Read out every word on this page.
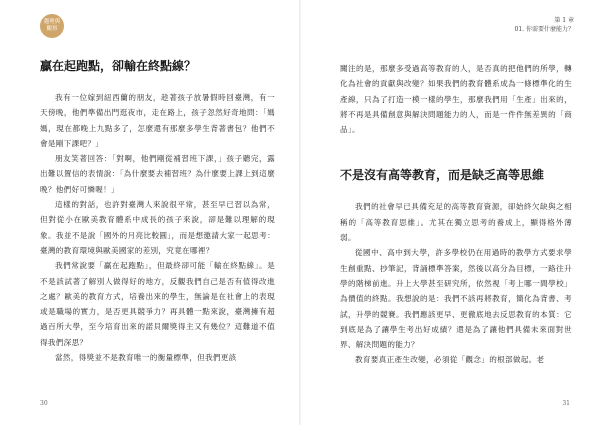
趨勢與
觀察
贏在起跑點，卻輸在終點線？

我有一位嫁到紐西蘭的朋友，趁著孩子放暑假時回臺灣，有一天傍晚，他們準備出門逛夜市，走在路上，孩子忽然好奇地問：「媽媽，現在都晚上九點多了，怎麼還有那麼多學生背著書包？他們不會是剛下課吧？」

朋友笑著回答：「對啊，他們剛從補習班下課，」孩子聽完，露出難以置信的表情說：「為什麼要去補習班？為什麼要上課上到這麼晚？他們好可憐喔！」

這樣的對話，也許對臺灣人來說很平常，甚至早已習以為常，但對從小在歐美教育體系中成長的孩子來說，卻是難以理解的現象。我並不是說「國外的月亮比較圓」，而是想邀請大家一起思考：臺灣的教育環境與歐美國家的差別，究竟在哪裡？

我們常說要「贏在起跑點」，但最終卻可能「輸在終點線」。是不是該試著了解別人做得好的地方，反觀我們自己是否有值得改進之處？歐美的教育方式，培養出來的學生，無論是在社會上的表現或是職場的實力，是否更具競爭力？再具體一點來說，臺灣擁有超過百所大學，至今培育出來的諾貝爾獎得主又有幾位？這難道不值得我們深思？

當然，得獎並不是教育唯一的衡量標準，但我們更該

30
第 1 章
01. 你需要什麼能力？

關注的是，那麼多受過高等教育的人，是否真的把他們的所學，轉化為社會的貢獻與改變？如果我們的教育體系成為一條標準化的生產線，只為了打造一模一樣的學生，那麼我們用「生產」出來的，將不再是具備創意與解決問題能力的人，而是一件件無差異的「商品」。

不是沒有高等教育，而是缺乏高等思維

我們的社會早已具備充足的高等教育資源，卻始終欠缺與之相稱的「高等教育思維」。尤其在獨立思考的養成上，顯得格外薄弱。

從國中、高中到大學，許多學校仍在用過時的教學方式要求學生創重點、抄筆記，背誦標準答案，然後以高分為目標，一路往升學的階梯前進。升上大學甚至研究所，依然視「考上哪一間學校」為價值的終點。我想說的是：我們不該再將教育，簡化為背書、考試，升學的競賽。我們應該更早、更徹底地去反思教育的本質：它到底是為了讓學生考出好成績？還是為了讓他們具備未來面對世界、解決問題的能力？

教育要真正產生改變，必須從「觀念」的根部做起。老

31
